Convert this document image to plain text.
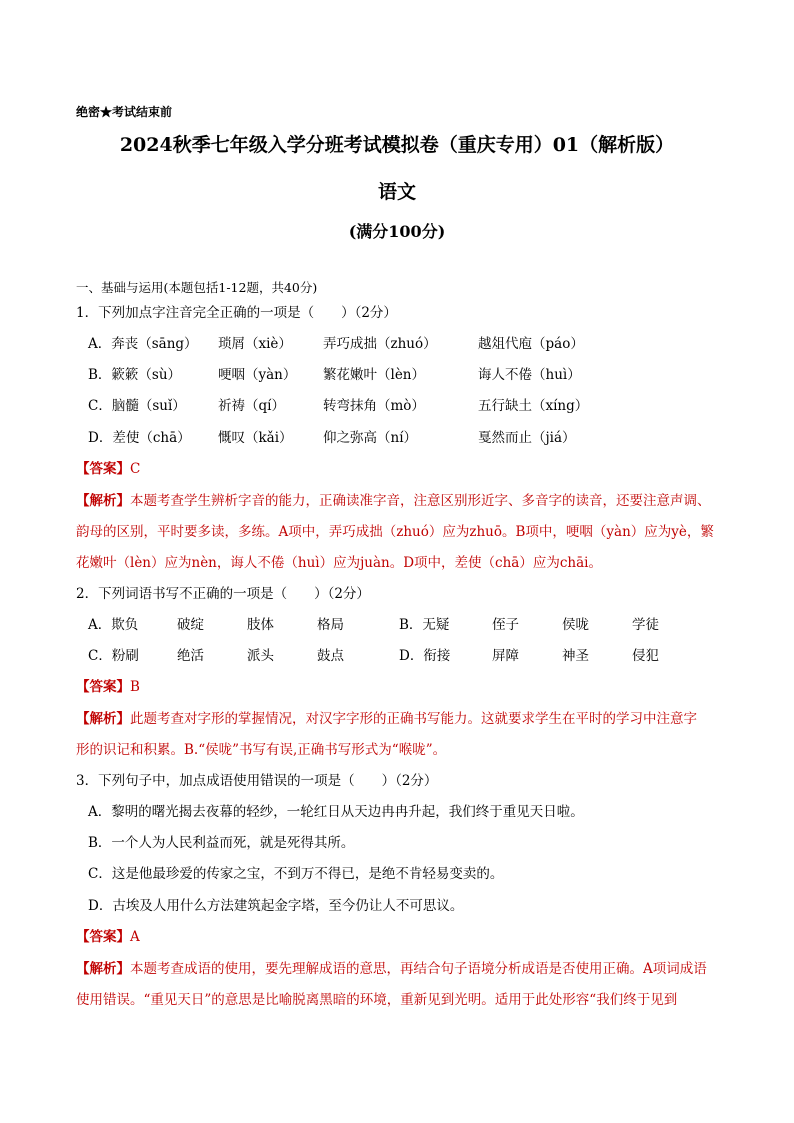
绝密★考试结束前
2024秋季七年级入学分班考试模拟卷（重庆专用）01（解析版）
语文
(满分100分)
一、基础与运用(本题包括1-12题，共40分)
1．下列加点字注音完全正确的一项是（　　）（2分）
A．奔丧（sāng） 琐屑（xiè） 弄巧成拙（zhuó）	越俎代庖（páo）
B．簌簌（sù）	哽咽（yàn） 繁花嫩叶（lèn）	诲人不倦（huì）
C．脑髓（suǐ） 祈祷（qí）	转弯抹角（mò）	五行缺土（xíng）
D．差使（chā） 慨叹（kǎi） 仰之弥高（ní）	戛然而止（jiá）
【答案】C
【解析】本题考查学生辨析字音的能力，正确读准字音，注意区别形近字、多音字的读音，还要注意声调、
韵母的区别，平时要多读，多练。A项中，弄巧成拙（zhuó）应为zhuō。B项中，哽咽（yàn）应为yè，繁
花嫩叶（lèn）应为nèn，诲人不倦（huì）应为juàn。D项中，差使（chā）应为chāi。
2．下列词语书写不正确的一项是（　　）（2分）
A．欺负	破绽	肢体	格局	B．无疑	侄子	侯咙	学徒
C．粉刷	绝活	派头	鼓点	D．衔接	屏障	神圣	侵犯
【答案】B
【解析】此题考查对字形的掌握情况，对汉字字形的正确书写能力。这就要求学生在平时的学习中注意字
形的识记和积累。B.“侯咙”书写有误,正确书写形式为“喉咙”。
3．下列句子中，加点成语使用错误的一项是（　　）（2分）
A．黎明的曙光揭去夜幕的轻纱，一轮红日从天边冉冉升起，我们终于重见天日啦。
B．一个人为人民利益而死，就是死得其所。
C．这是他最珍爱的传家之宝，不到万不得已，是绝不肯轻易变卖的。
D．古埃及人用什么方法建筑起金字塔，至今仍让人不可思议。
【答案】A
【解析】本题考查成语的使用，要先理解成语的意思，再结合句子语境分析成语是否使用正确。A项词成语
使用错误。“重见天日”的意思是比喻脱离黑暗的环境，重新见到光明。适用于此处形容“我们终于见到
